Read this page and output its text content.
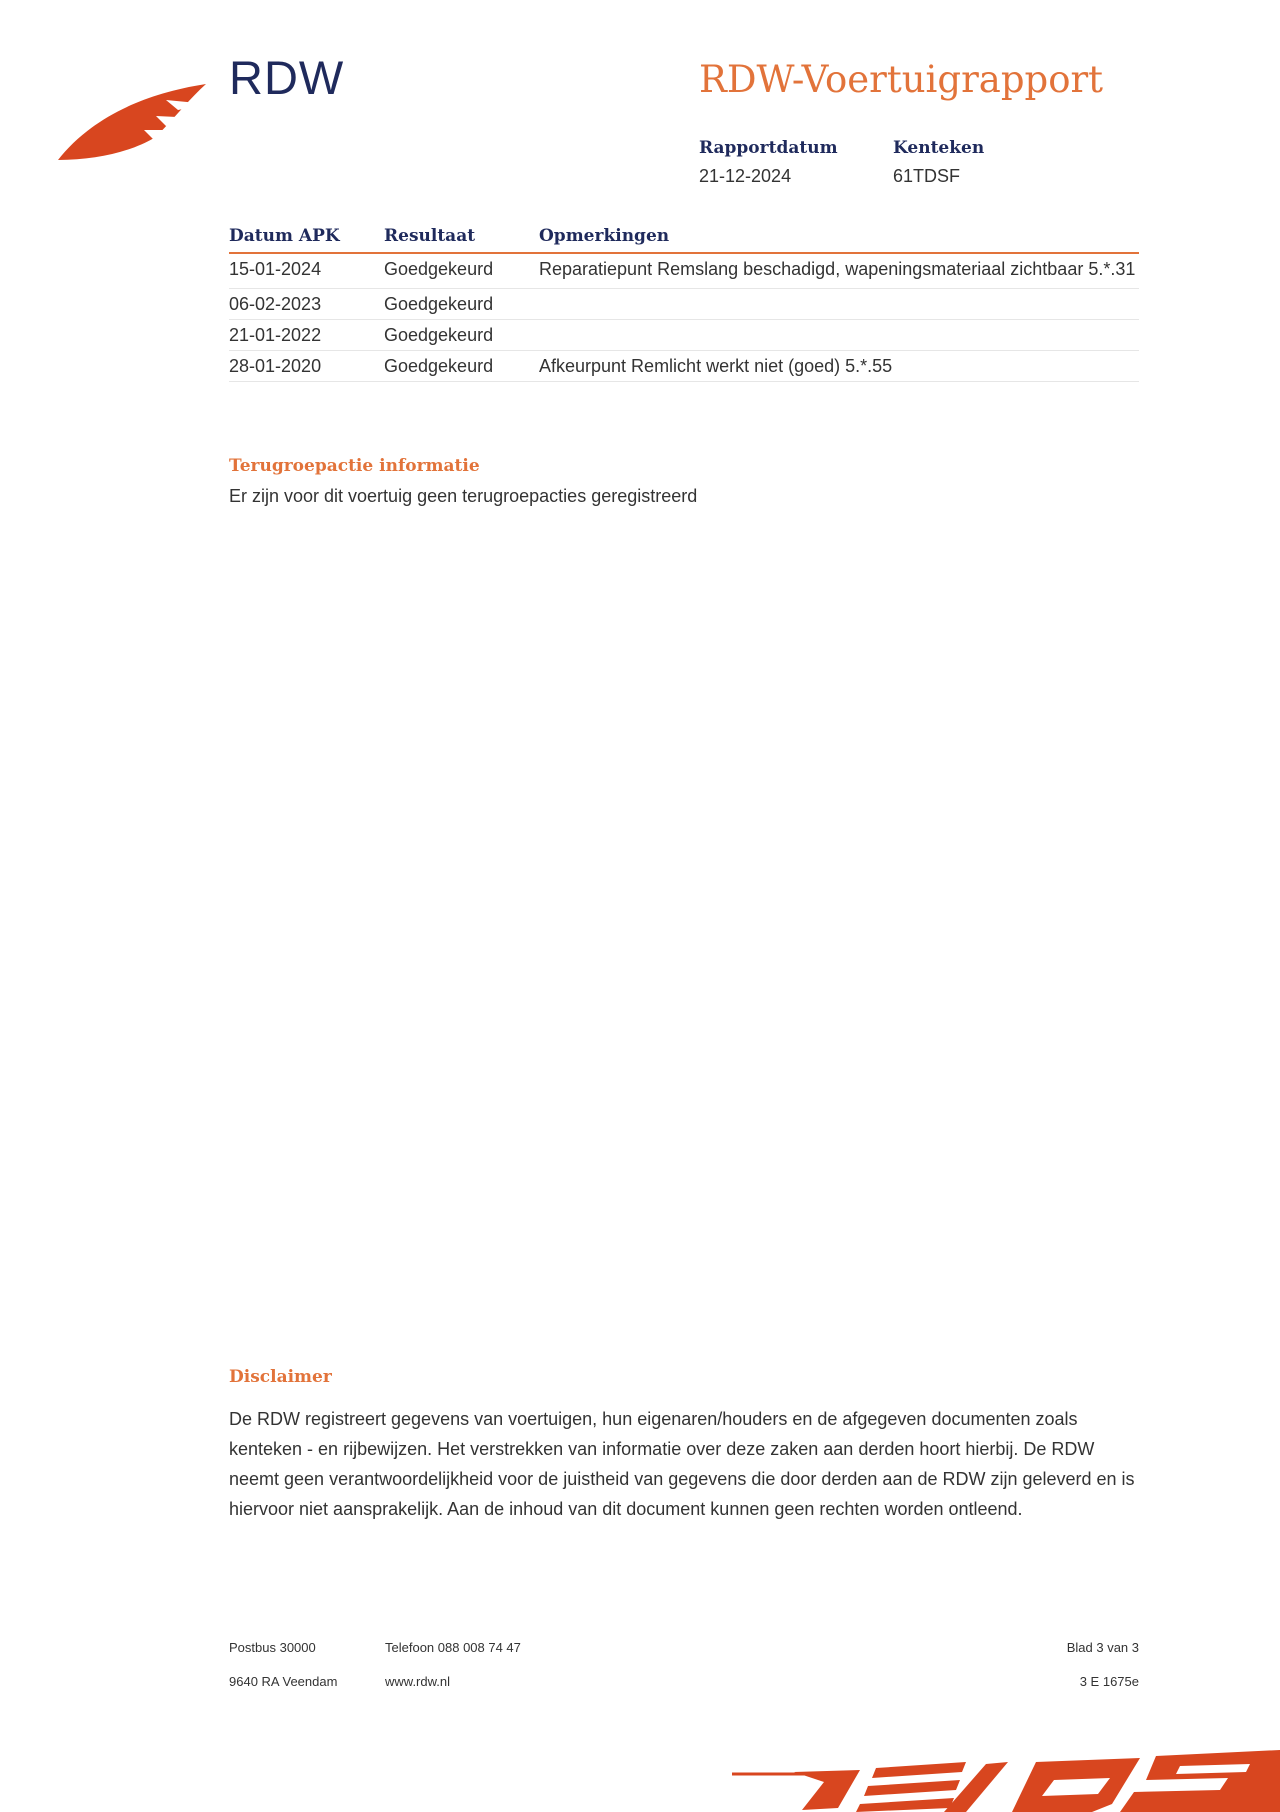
RDW	RDW-Voertuigrapport
Rapportdatum
21-12-2024
Kenteken
61TDSF
Datum APK	Resultaat	Opmerkingen
15-01-2024	Goedgekeurd	Reparatiepunt Remslang beschadigd, wapeningsmateriaal zichtbaar 5.*.31

06-02-2023	Goedgekeurd	
21-01-2022	Goedgekeurd	
28-01-2020	Goedgekeurd	Afkeurpunt Remlicht werkt niet (goed) 5.*.55
Terugroepactie informatie
Er zijn voor dit voertuig geen terugroepacties geregistreerd
Disclaimer
De RDW registreert gegevens van voertuigen, hun eigenaren/houders en de afgegeven documenten zoals kenteken - en rijbewijzen. Het verstrekken van informatie over deze zaken aan derden hoort hierbij. De RDW neemt geen verantwoordelijkheid voor de juistheid van gegevens die door derden aan de RDW zijn geleverd en is hiervoor niet aansprakelijk. Aan de inhoud van dit document kunnen geen rechten worden ontleend.
Postbus 30000
9640 RA Veendam
Telefoon 088 008 74 47
www.rdw.nl
Blad 3 van 3
3 E 1675e
